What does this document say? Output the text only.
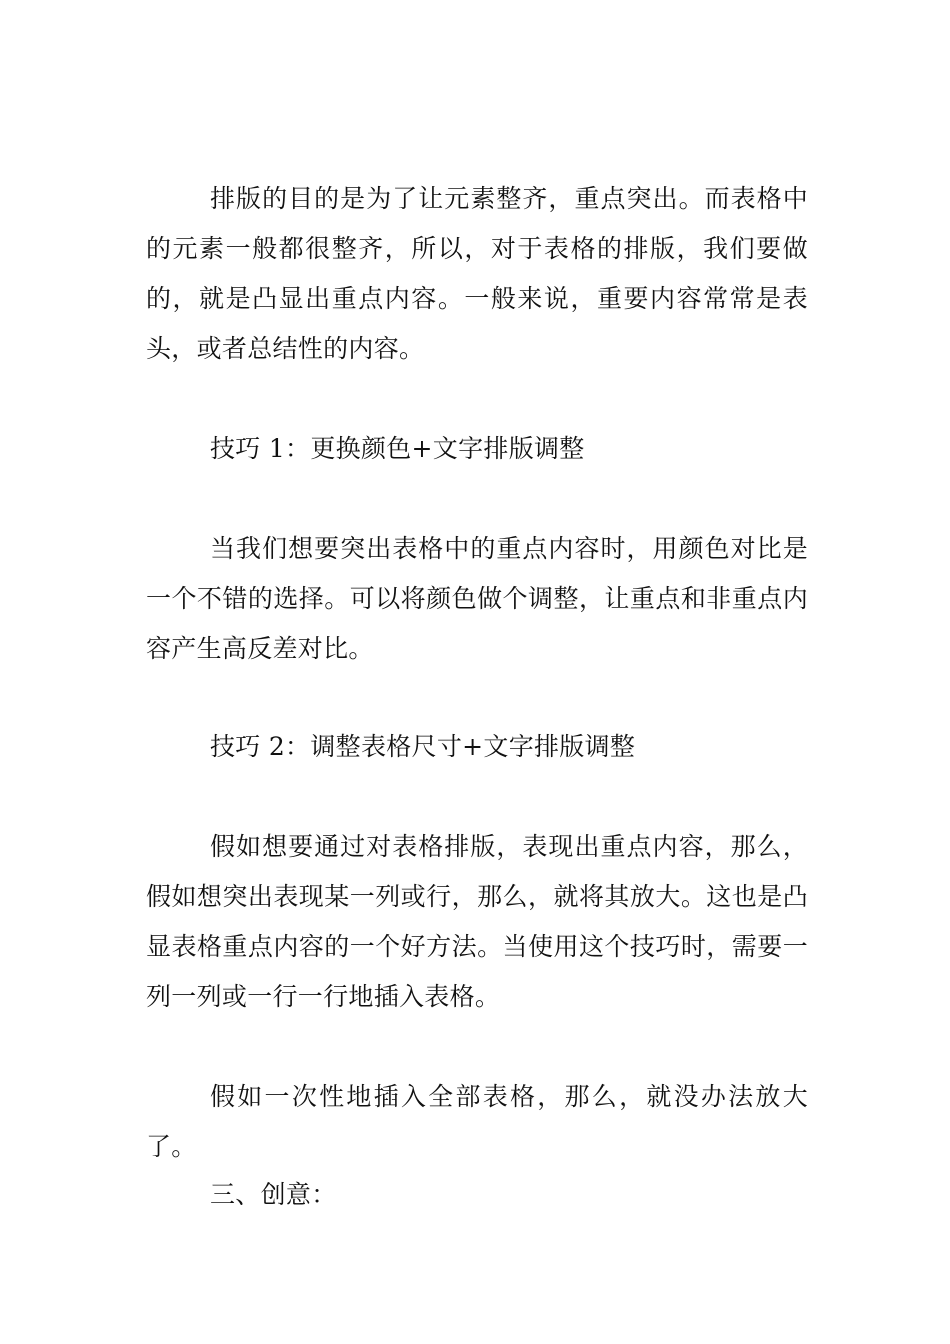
排版的目的是为了让元素整齐，重点突出。而表格中的元素一般都很整齐，所以，对于表格的排版，我们要做的，就是凸显出重点内容。一般来说，重要内容常常是表头，或者总结性的内容。

技巧 1：更换颜色+文字排版调整

当我们想要突出表格中的重点内容时，用颜色对比是一个不错的选择。可以将颜色做个调整，让重点和非重点内容产生高反差对比。

技巧 2：调整表格尺寸+文字排版调整

假如想要通过对表格排版，表现出重点内容，那么，假如想突出表现某一列或行，那么，就将其放大。这也是凸显表格重点内容的一个好方法。当使用这个技巧时，需要一列一列或一行一行地插入表格。

假如一次性地插入全部表格，那么，就没办法放大了。

三、创意：
